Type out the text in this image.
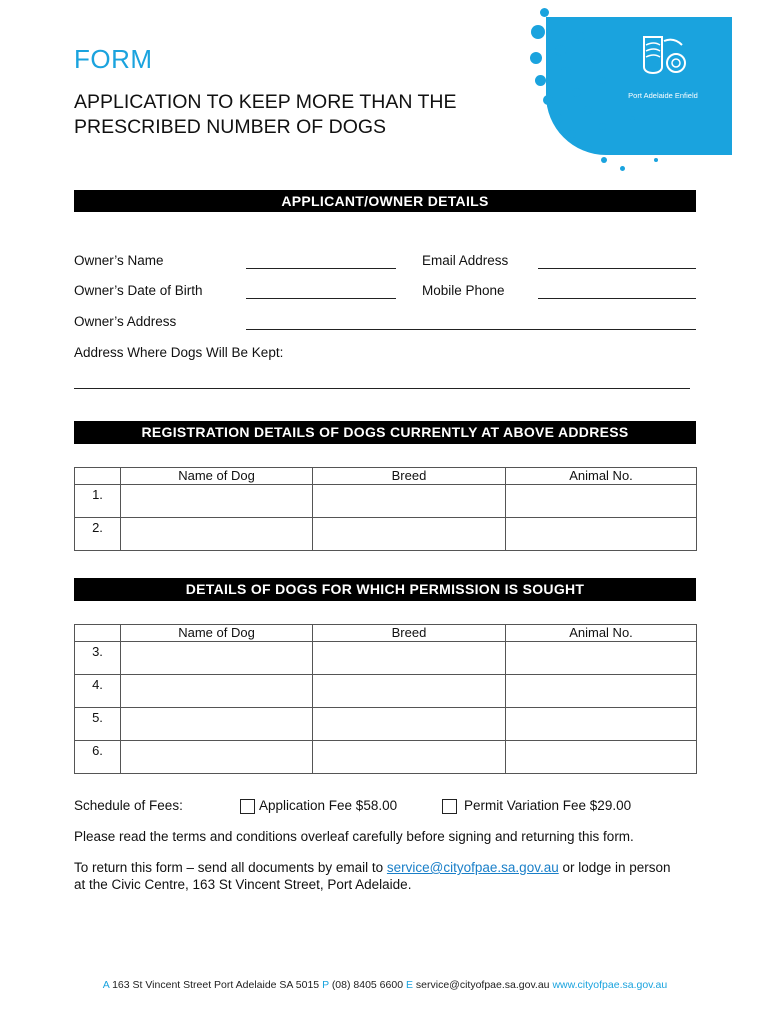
Port Adelaide Enfield
FORM
APPLICATION TO KEEP MORE THAN THE PRESCRIBED NUMBER OF DOGS
APPLICANT/OWNER DETAILS
Owner’s Name	Email Address
Owner’s Date of Birth	Mobile Phone
Owner’s Address
Address Where Dogs Will Be Kept:
REGISTRATION DETAILS OF DOGS CURRENTLY AT ABOVE ADDRESS
	Name of Dog	Breed	Animal No.
1.			
2.			
DETAILS OF DOGS FOR WHICH PERMISSION IS SOUGHT
	Name of Dog	Breed	Animal No.
3.			
4.			
5.			
6.			
Schedule of Fees:	Application Fee $58.00	Permit Variation Fee $29.00
Please read the terms and conditions overleaf carefully before signing and returning this form.
To return this form – send all documents by email to service@cityofpae.sa.gov.au or lodge in person at the Civic Centre, 163 St Vincent Street, Port Adelaide.
A 163 St Vincent Street Port Adelaide SA 5015 P (08) 8405 6600 E service@cityofpae.sa.gov.au www.cityofpae.sa.gov.au
